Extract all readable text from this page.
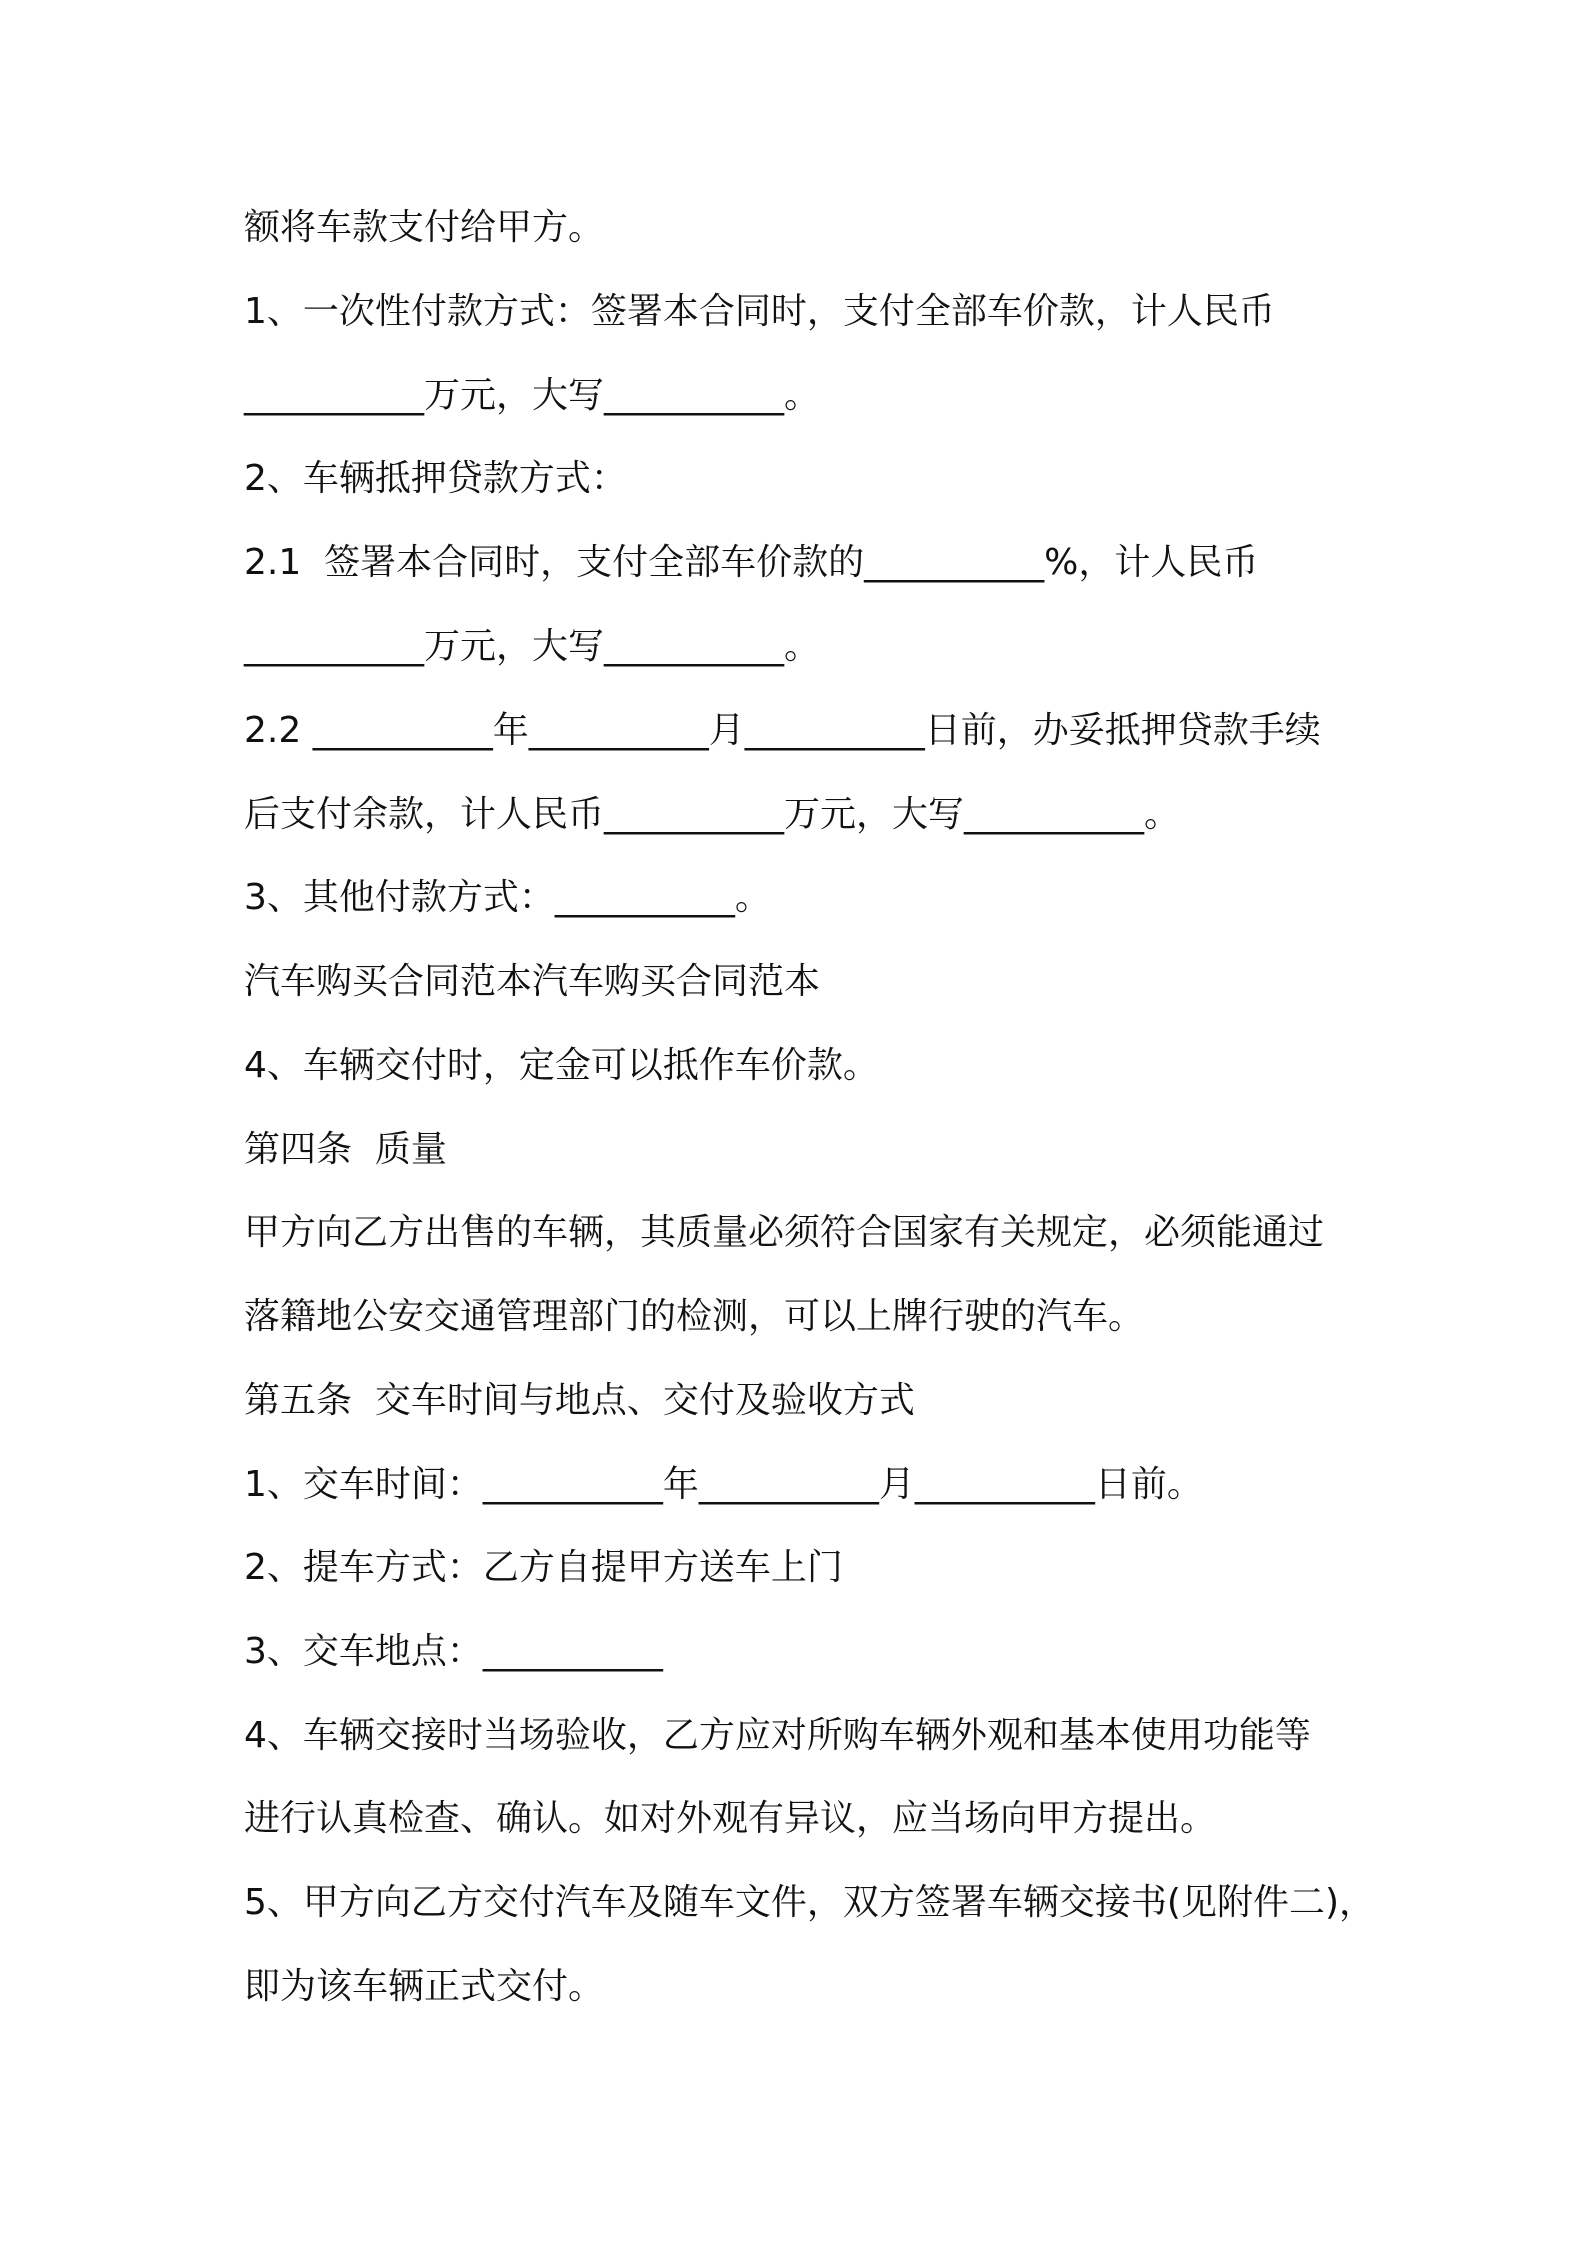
额将车款支付给甲方。
1、一次性付款方式：签署本合同时，支付全部车价款，计人民币
__________万元，大写__________。
2、车辆抵押贷款方式：
2.1  签署本合同时，支付全部车价款的__________%，计人民币
__________万元，大写__________。
2.2 __________年__________月__________日前，办妥抵押贷款手续
后支付余款，计人民币__________万元，大写__________。
3、其他付款方式：__________。
汽车购买合同范本汽车购买合同范本
4、车辆交付时，定金可以抵作车价款。
第四条  质量
甲方向乙方出售的车辆，其质量必须符合国家有关规定，必须能通过
落籍地公安交通管理部门的检测，可以上牌行驶的汽车。
第五条  交车时间与地点、交付及验收方式
1、交车时间：__________年__________月__________日前。
2、提车方式：乙方自提甲方送车上门
3、交车地点：__________
4、车辆交接时当场验收，乙方应对所购车辆外观和基本使用功能等
进行认真检查、确认。如对外观有异议，应当场向甲方提出。
5、甲方向乙方交付汽车及随车文件，双方签署车辆交接书(见附件二)，
即为该车辆正式交付。
